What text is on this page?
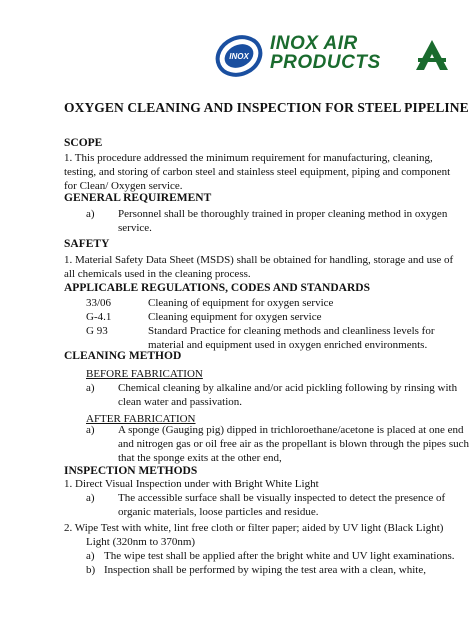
INOX
INOX AIR
PRODUCTS
OXYGEN CLEANING AND INSPECTION FOR STEEL PIPELINE
SCOPE
1. This procedure addressed the minimum requirement for manufacturing, cleaning,
testing, and storing of carbon steel and stainless steel equipment, piping and component
for Clean/ Oxygen service.
GENERAL REQUIREMENT
a) Personnel shall be thoroughly trained in proper cleaning method in oxygen
service.
SAFETY
1. Material Safety Data Sheet (MSDS) shall be obtained for handling, storage and use of
all chemicals used in the cleaning process.
APPLICABLE REGULATIONS, CODES AND STANDARDS
33/06	Cleaning of equipment for oxygen service
G-4.1	Cleaning equipment for oxygen service
G 93	Standard Practice for cleaning methods and cleanliness levels for
material and equipment used in oxygen enriched environments.
CLEANING METHOD
BEFORE FABRICATION
a) Chemical cleaning by alkaline and/or acid pickling following by rinsing with
clean water and passivation.
AFTER FABRICATION
a) A sponge (Gauging pig) dipped in trichloroethane/acetone is placed at one end
and nitrogen gas or oil free air as the propellant is blown through the pipes such
that the sponge exits at the other end,
INSPECTION METHODS
1. Direct Visual Inspection under with Bright White Light
a) The accessible surface shall be visually inspected to detect the presence of
organic materials, loose particles and residue.
2. Wipe Test with white, lint free cloth or filter paper; aided by UV light (Black Light)
Light (320nm to 370nm)
a) The wipe test shall be applied after the bright white and UV light examinations.
b) Inspection shall be performed by wiping the test area with a clean, white,
